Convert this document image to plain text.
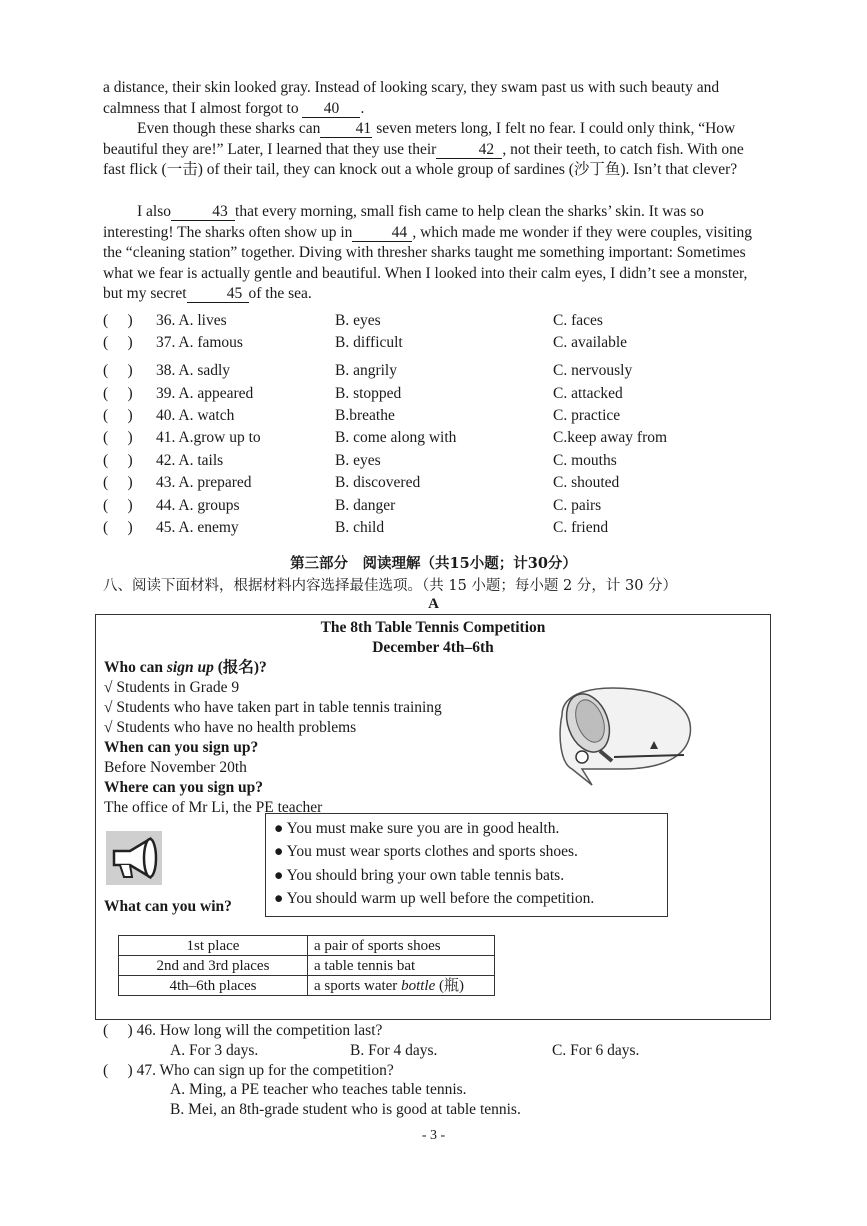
a distance, their skin looked gray. Instead of looking scary, they swam past us with such beauty and calmness that I almost forgot to 40 .

Even though these sharks can 41 seven meters long, I felt no fear. I could only think, “How beautiful they are!” Later, I learned that they use their	42 , not their teeth, to catch fish. With one fast flick (一击) of their tail, they can knock out a whole group of sardines (沙丁鱼). Isn’t that clever?

I also	43 that every morning, small fish came to help clean the sharks’ skin. It was so interesting! The sharks often show up in	44 , which made me wonder if they were couples, visiting the “cleaning station” together. Diving with thresher sharks taught me something important: Sometimes what we fear is actually gentle and beautiful. When I looked into their calm eyes, I didn’t see a monster, but my secret	45 of the sea.

(　 ) 36. A. lives	B. eyes	C. faces
(　 ) 37. A. famous	B. difficult	C. available
(　 ) 38. A. sadly	B. angrily	C. nervously
(　 ) 39. A. appeared	B. stopped	C. attacked
(　 ) 40. A. watch	B.breathe	C. practice
(　 ) 41. A.grow up to	B. come along with	C.keep away from
(　 ) 42. A. tails	B. eyes	C. mouths
(　 ) 43. A. prepared	B. discovered	C. shouted
(　 ) 44. A. groups	B. danger	C. pairs
(　 ) 45. A. enemy	B. child	C. friend
第三部分　阅读理解（共15小题；计30分）
八、阅读下面材料，根据材料内容选择最佳选项。（共 15 小题；每小题 2 分，计 30 分）
A
The 8th Table Tennis Competition
December 4th–6th
Who can sign up (报名)?
√ Students in Grade 9
√ Students who have taken part in table tennis training
√ Students who have no health problems
When can you sign up?
Before November 20th
Where can you sign up?
The office of Mr Li, the PE teacher
● You must make sure you are in good health.
● You must wear sports clothes and sports shoes.
● You should bring your own table tennis bats.
● You should warm up well before the competition.
What can you win?
1st place	a pair of sports shoes
2nd and 3rd places	a table tennis bat
4th–6th places	a sports water bottle (瓶)
(　 ) 46. How long will the competition last?
A. For 3 days.	B. For 4 days.	C. For 6 days.
(　 ) 47. Who can sign up for the competition?
A. Ming, a PE teacher who teaches table tennis.
B. Mei, an 8th-grade student who is good at table tennis.
- 3 -
